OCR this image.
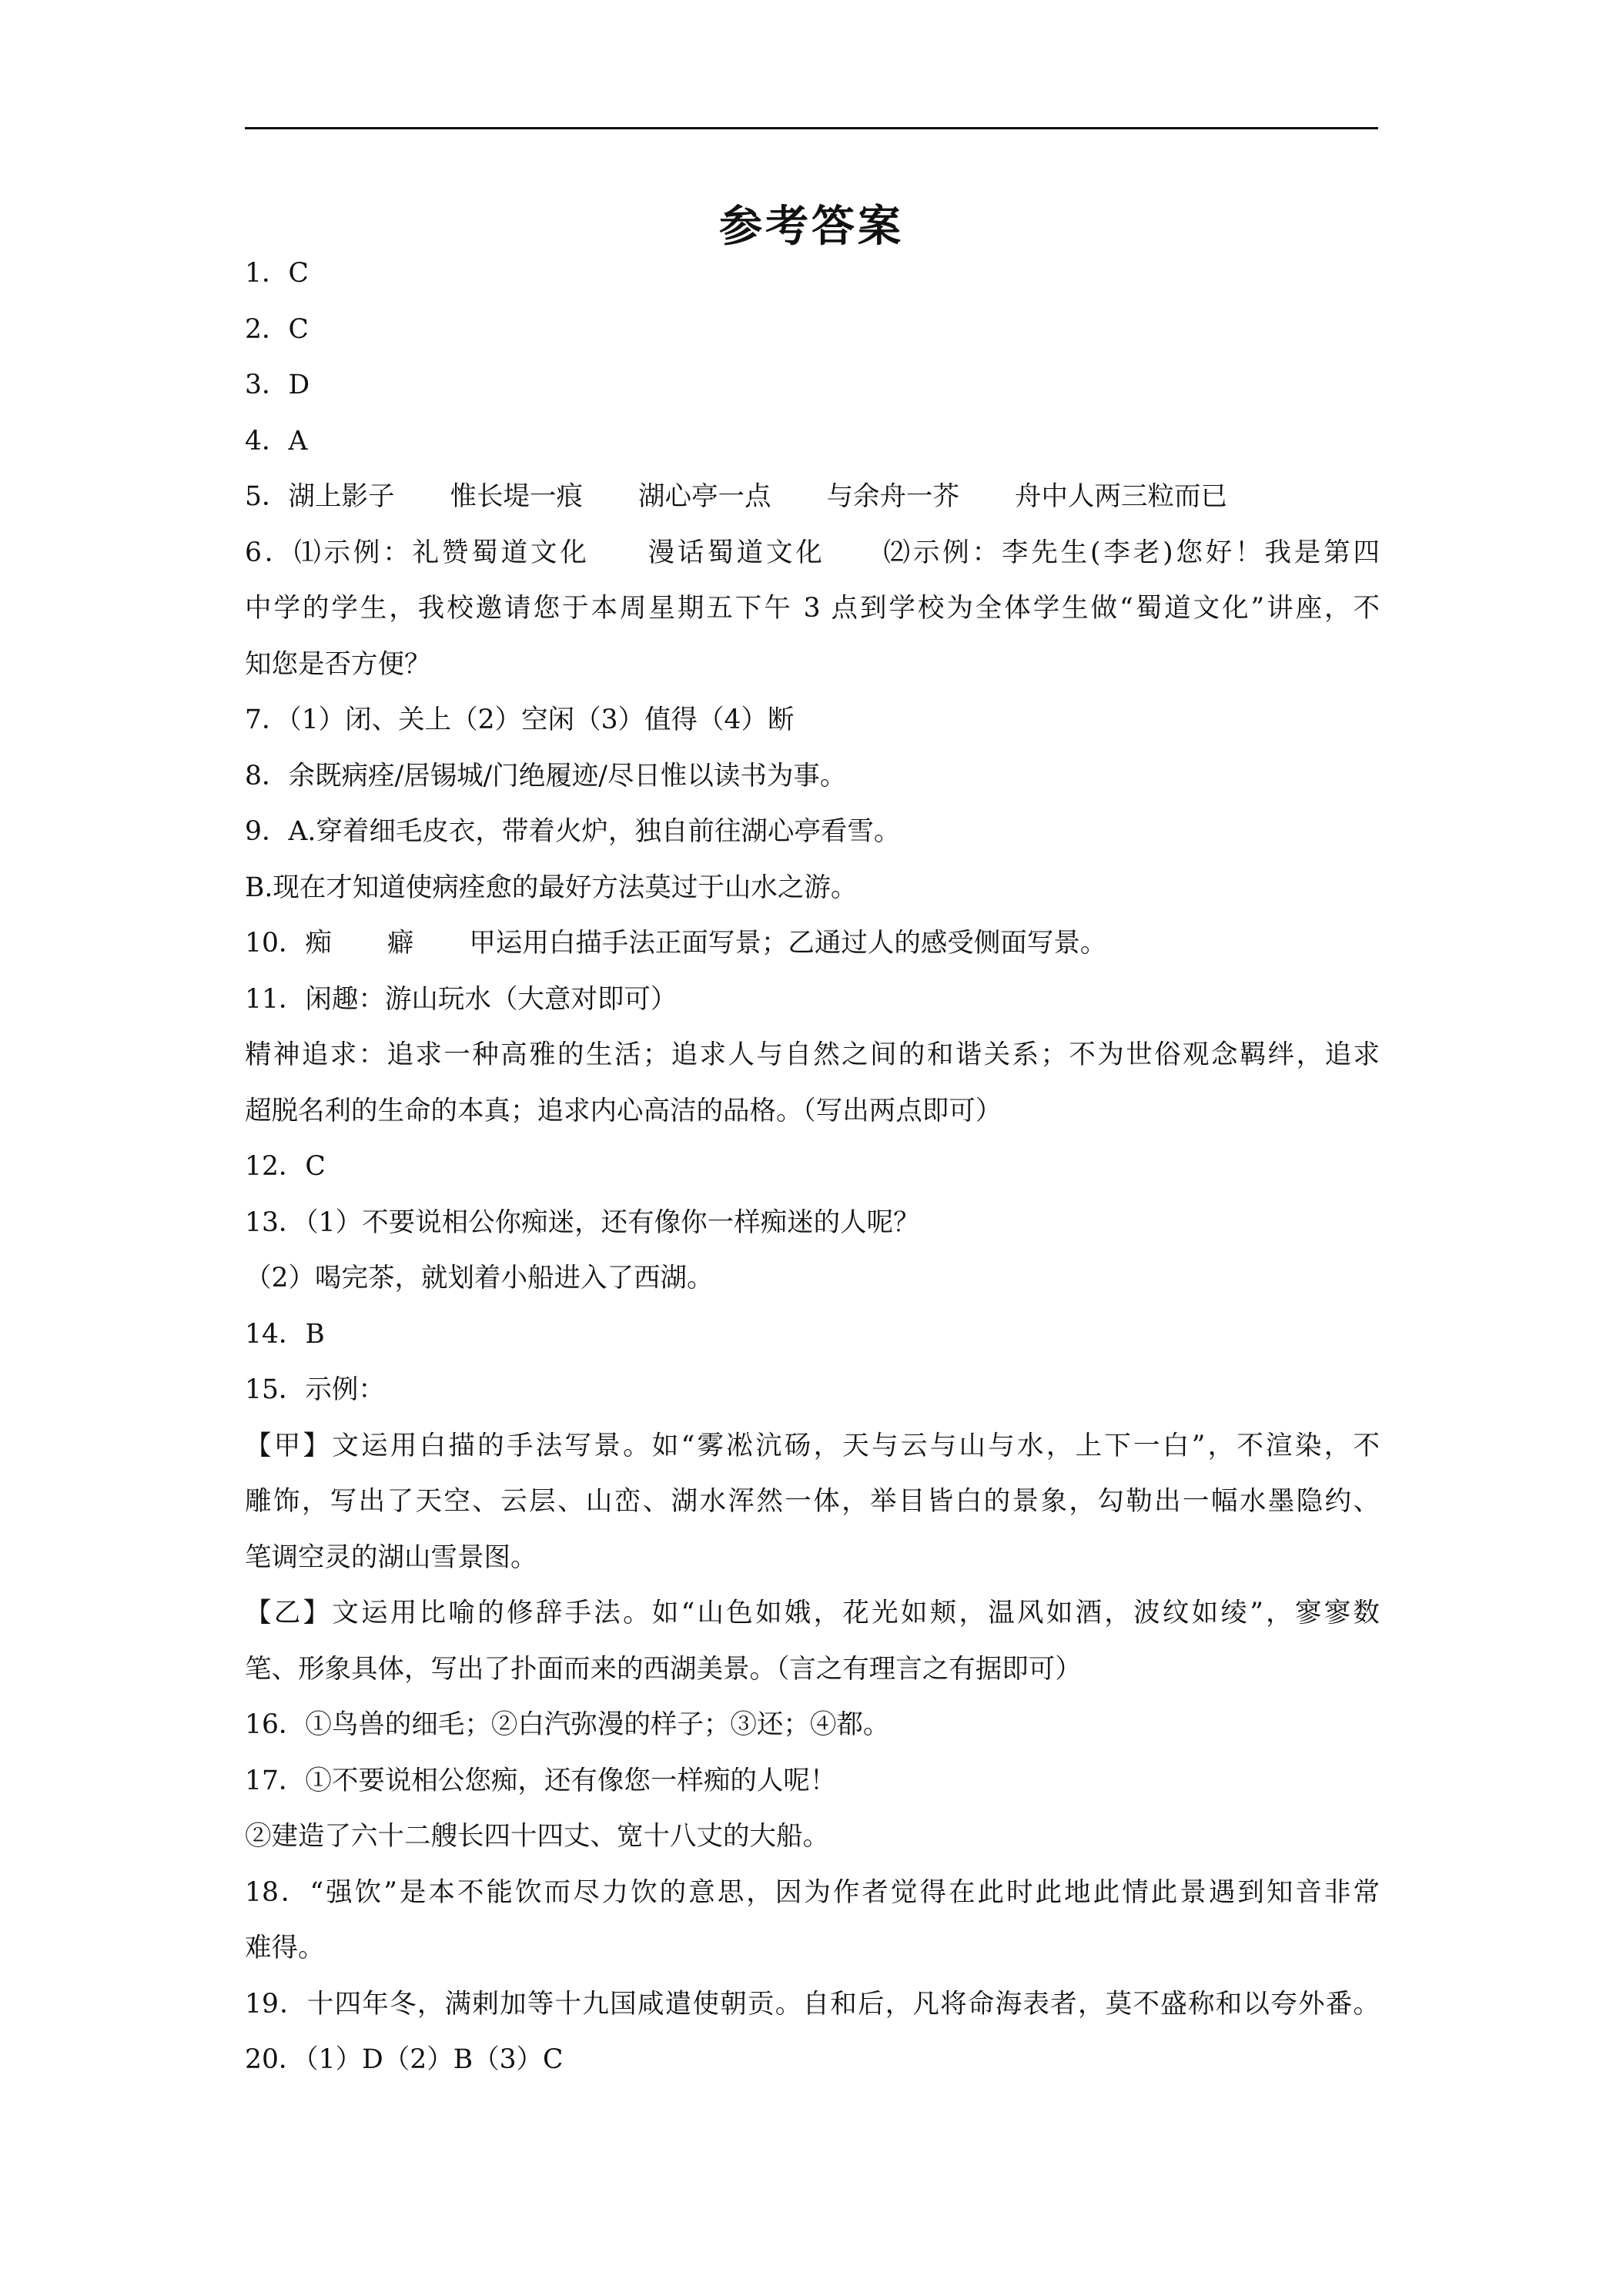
参考答案
1．C
2．C
3．D
4．A
5．湖上影子 惟长堤一痕 湖心亭一点 与余舟一芥 舟中人两三粒而已
6．⑴示例：礼赞蜀道文化 漫话蜀道文化 ⑵示例：李先生(李老)您好！我是第四
中学的学生，我校邀请您于本周星期五下午 3 点到学校为全体学生做“蜀道文化”讲座，不
知您是否方便？
7．（1）闭、关上（2）空闲（3）值得（4）断
8．余既病痊/居锡城/门绝履迹/尽日惟以读书为事。
9．A.穿着细毛皮衣，带着火炉，独自前往湖心亭看雪。
B.现在才知道使病痊愈的最好方法莫过于山水之游。
10．痴 癖 甲运用白描手法正面写景；乙通过人的感受侧面写景。
11．闲趣：游山玩水（大意对即可）
精神追求：追求一种高雅的生活；追求人与自然之间的和谐关系；不为世俗观念羁绊，追求
超脱名利的生命的本真；追求内心高洁的品格。（写出两点即可）
12．C
13．（1）不要说相公你痴迷，还有像你一样痴迷的人呢？
（2）喝完茶，就划着小船进入了西湖。
14．B
15．示例：
【甲】文运用白描的手法写景。如“雾凇沆砀，天与云与山与水，上下一白”，不渲染，不
雕饰，写出了天空、云层、山峦、湖水浑然一体，举目皆白的景象，勾勒出一幅水墨隐约、
笔调空灵的湖山雪景图。
【乙】文运用比喻的修辞手法。如“山色如娥，花光如颊，温风如酒，波纹如绫”，寥寥数
笔、形象具体，写出了扑面而来的西湖美景。（言之有理言之有据即可）
16．①鸟兽的细毛；②白汽弥漫的样子；③还；④都。
17．①不要说相公您痴，还有像您一样痴的人呢！
②建造了六十二艘长四十四丈、宽十八丈的大船。
18．“强饮”是本不能饮而尽力饮的意思，因为作者觉得在此时此地此情此景遇到知音非常
难得。
19．十四年冬，满剌加等十九国咸遣使朝贡。自和后，凡将命海表者，莫不盛称和以夸外番。
20．（1）D（2）B（3）C
